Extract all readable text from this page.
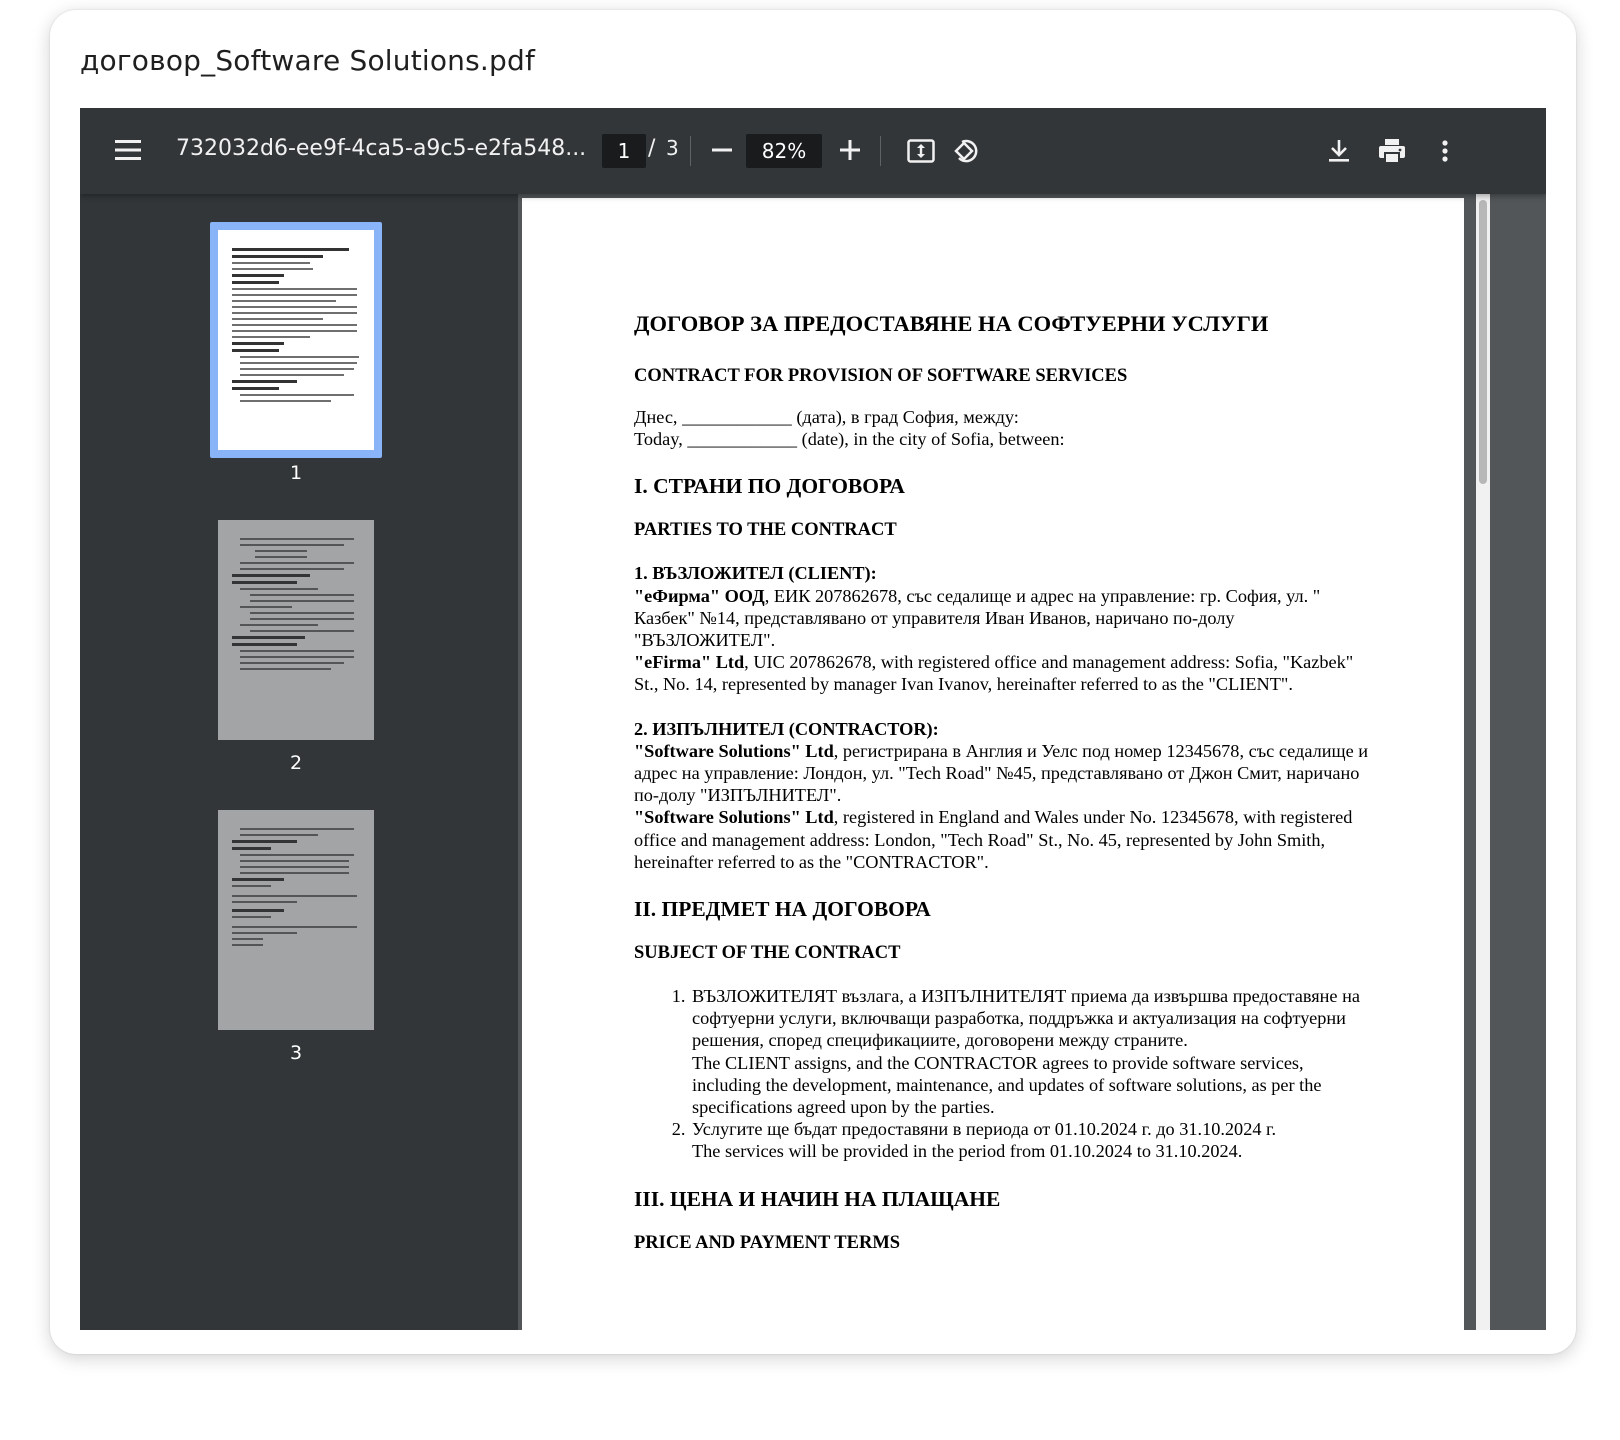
договор_Software Solutions.pdf
732032d6-ee9f-4ca5-a9c5-e2fa548...
1	/ 3
82%
1
2
3
ДОГОВОР ЗА ПРЕДОСТАВЯНЕ НА СОФТУЕРНИ УСЛУГИ
CONTRACT FOR PROVISION OF SOFTWARE SERVICES
Днес, ____________ (дата), в град София, между:
Today, ____________ (date), in the city of Sofia, between:
I. СТРАНИ ПО ДОГОВОРА
PARTIES TO THE CONTRACT
1. ВЪЗЛОЖИТЕЛ (CLIENT):
"еФирма" ООД, ЕИК 207862678, със седалище и адрес на управление: гр. София, ул. " Казбек" №14, представлявано от управителя Иван Иванов, наричано по-долу "ВЪЗЛОЖИТЕЛ".
"eFirma" Ltd, UIC 207862678, with registered office and management address: Sofia, "Kazbek" St., No. 14, represented by manager Ivan Ivanov, hereinafter referred to as the "CLIENT".
2. ИЗПЪЛНИТЕЛ (CONTRACTOR):
"Software Solutions" Ltd, регистрирана в Англия и Уелс под номер 12345678, със седалище и адрес на управление: Лондон, ул. "Tech Road" №45, представлявано от Джон Смит, наричано по-долу "ИЗПЪЛНИТЕЛ".
"Software Solutions" Ltd, registered in England and Wales under No. 12345678, with registered office and management address: London, "Tech Road" St., No. 45, represented by John Smith, hereinafter referred to as the "CONTRACTOR".
II. ПРЕДМЕТ НА ДОГОВОРА
SUBJECT OF THE CONTRACT
1. ВЪЗЛОЖИТЕЛЯТ възлага, а ИЗПЪЛНИТЕЛЯТ приема да извършва предоставяне на софтуерни услуги, включващи разработка, поддръжка и актуализация на софтуерни решения, според спецификациите, договорени между страните.
The CLIENT assigns, and the CONTRACTOR agrees to provide software services, including the development, maintenance, and updates of software solutions, as per the specifications agreed upon by the parties.
2. Услугите ще бъдат предоставяни в периода от 01.10.2024 г. до 31.10.2024 г.
The services will be provided in the period from 01.10.2024 to 31.10.2024.
III. ЦЕНА И НАЧИН НА ПЛАЩАНЕ
PRICE AND PAYMENT TERMS
